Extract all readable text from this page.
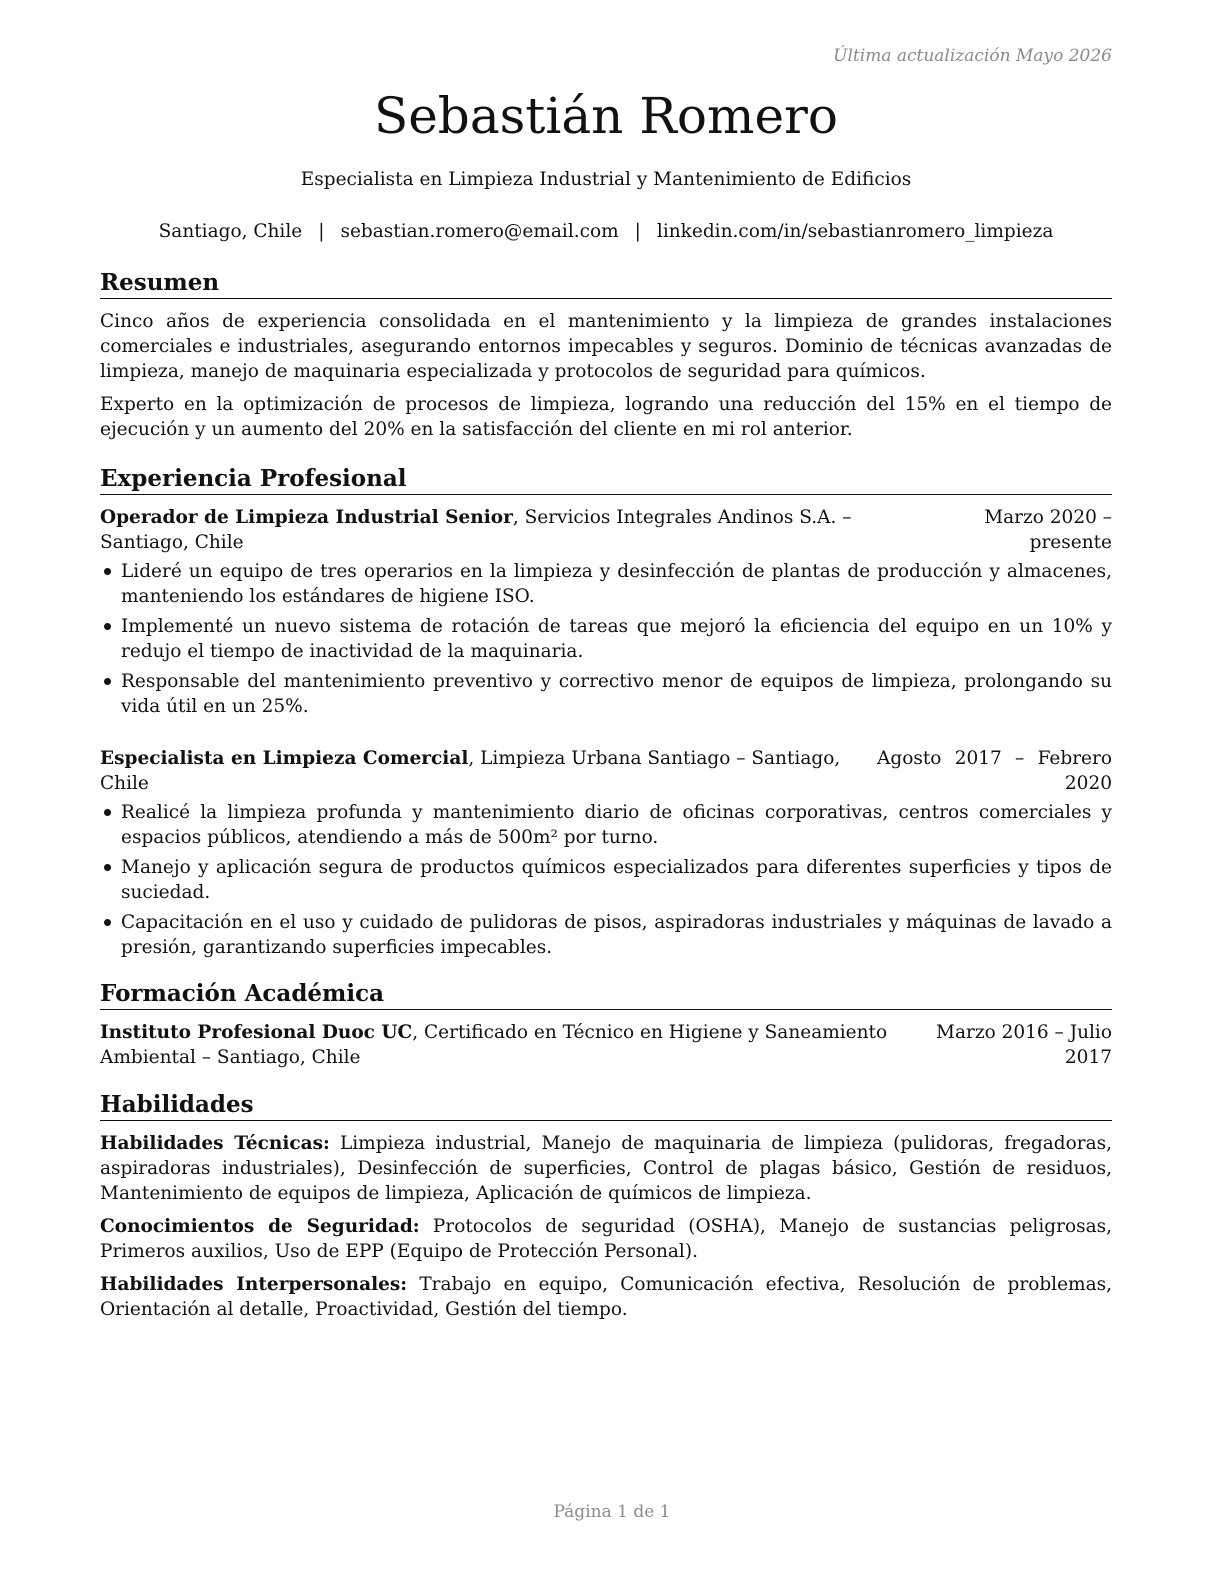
Última actualización Mayo 2026
Sebastián Romero
Especialista en Limpieza Industrial y Mantenimiento de Edificios
Santiago, Chile | sebastian.romero@email.com | linkedin.com/in/sebastianromero_limpieza
Resumen

Cinco años de experiencia consolidada en el mantenimiento y la limpieza de grandes instalaciones comerciales e industriales, asegurando entornos impecables y seguros. Dominio de técnicas avanzadas de limpieza, manejo de maquinaria especializada y protocolos de seguridad para químicos.

Experto en la optimización de procesos de limpieza, logrando una reducción del 15% en el tiempo de ejecución y un aumento del 20% en la satisfacción del cliente en mi rol anterior.

Experiencia Profesional
Operador de Limpieza Industrial Senior, Servicios Integrales Andinos S.A. – Santiago, Chile
Marzo 2020 – presente
Lideré un equipo de tres operarios en la limpieza y desinfección de plantas de producción y almacenes, manteniendo los estándares de higiene ISO.
Implementé un nuevo sistema de rotación de tareas que mejoró la eficiencia del equipo en un 10% y redujo el tiempo de inactividad de la maquinaria.
Responsable del mantenimiento preventivo y correctivo menor de equipos de limpieza, prolongando su vida útil en un 25%.
Especialista en Limpieza Comercial, Limpieza Urbana Santiago – Santiago, Chile
Agosto 2017 – Febrero 2020
Realicé la limpieza profunda y mantenimiento diario de oficinas corporativas, centros comerciales y espacios públicos, atendiendo a más de 500m² por turno.
Manejo y aplicación segura de productos químicos especializados para diferentes superficies y tipos de suciedad.
Capacitación en el uso y cuidado de pulidoras de pisos, aspiradoras industriales y máquinas de lavado a presión, garantizando superficies impecables.
Formación Académica
Instituto Profesional Duoc UC, Certificado en Técnico en Higiene y Saneamiento Ambiental – Santiago, Chile
Marzo 2016 – Julio 2017
Habilidades

Habilidades Técnicas: Limpieza industrial, Manejo de maquinaria de limpieza (pulidoras, fregadoras, aspiradoras industriales), Desinfección de superficies, Control de plagas básico, Gestión de residuos, Mantenimiento de equipos de limpieza, Aplicación de químicos de limpieza.

Conocimientos de Seguridad: Protocolos de seguridad (OSHA), Manejo de sustancias peligrosas, Primeros auxilios, Uso de EPP (Equipo de Protección Personal).

Habilidades Interpersonales: Trabajo en equipo, Comunicación efectiva, Resolución de problemas, Orientación al detalle, Proactividad, Gestión del tiempo.

Página 1 de 1
